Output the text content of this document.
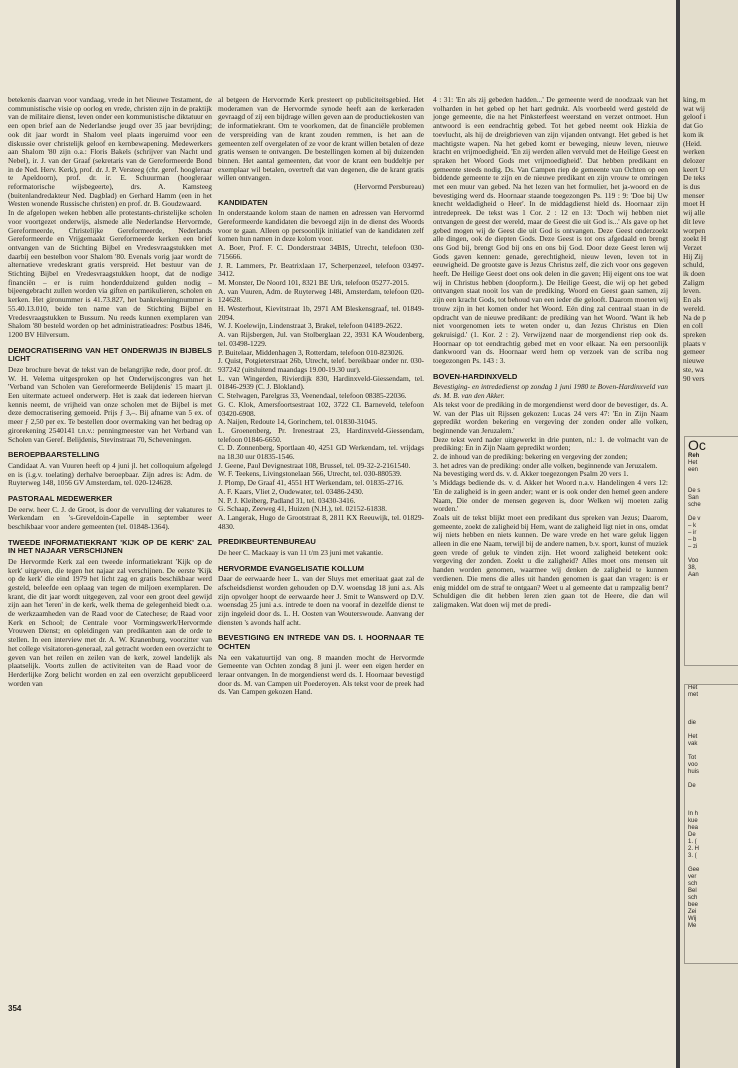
betekenis daarvan voor vandaag, vrede in het Nieuwe Testament, de communistische visie op oorlog en vrede, christen zijn in de praktijk van de militaire dienst, leven onder een kommunistische diktatuur en een open brief aan de Nederlandse jeugd over 35 jaar bevrijding; ook dit jaar wordt in Shalom veel plaats ingeruimd voor een diskussie over christelijk geloof en kernbewapening. Medewerkers aan Shalom '80 zijn o.a.: Floris Bakels (schrijver van Nacht und Nebel), ir. J. van der Graaf (sekretaris van de Gereformeerde Bond in de Ned. Herv. Kerk), prof. dr. J. P. Versteeg (chr. geref. hoogleraar te Apeldoorn), prof. dr. ir. E. Schuurman (hoogleraar reformatorische wijsbegeerte), drs. A. Kamsteeg (buitenlandredakteur Ned. Dagblad) en Gerhard Hamm (een in het Westen wonende Russische christen) en prof. dr. B. Goudzwaard.

In de afgelopen weken hebben alle protestants-christelijke scholen voor voortgezet onderwijs, alsmede alle Nederlandse Hervormde, Gereformeerde, Christelijke Gereformeerde, Nederlands Gereformeerde en Vrijgemaakt Gereformeerde kerken een brief ontvangen van de Stichting Bijbel en Vredesvraagstukken met daarbij een bestelbon voor Shalom '80. Evenals vorig jaar wordt de alternatieve vredeskrant gratis verspreid. Het bestuur van de Stichting Bijbel en Vredesvraagstukken hoopt, dat de nodige financiën – er is ruim honderdduizend gulden nodig – bijeengebracht zullen worden via giften en partikulieren, scholen en kerken. Het gironummer is 41.73.827, het bankrekeningnummer is 55.40.13.010, beide ten name van de Stichting Bijbel en Vredesvraagstukken te Bussum. Nu reeds kunnen exemplaren van Shalom '80 besteld worden op het administratieadres: Postbus 1846, 1200 BV Hilversum.

DEMOCRATISERING VAN HET ONDERWIJS IN BIJBELS LICHT

Deze brochure bevat de tekst van de belangrijke rede, door prof. dr. W. H. Velema uitgesproken op het Onderwijscongres van het 'Verband van Scholen van Gereformeerde Belijdenis' 15 maart jl. Een uitermate actueel onderwerp. Het is zaak dat iedereen hiervan kennis neemt, de vrijheid van onze scholen met de Bijbel is met deze democratisering gemoeid. Prijs ƒ 3,–. Bij afname van 5 ex. of meer ƒ 2,50 per ex. Te bestellen door overmaking van het bedrag op girorekening 2540141 t.n.v.: penningmeester van het Verband van Scholen van Geref. Belijdenis, Stevinstraat 70, Scheveningen.

BEROEPBAARSTELLING

Candidaat A. van Vuuren heeft op 4 juni jl. het colloquium afgelegd en is (i.g.v. toelating) derhalve beroepbaar. Zijn adres is: Adm. de Ruyterweg 148, 1056 GV Amsterdam, tel. 020-124628.

PASTORAAL MEDEWERKER

De eerw. heer C. J. de Groot, is door de vervulling der vakatures te Werkendam en 's-Greveldoin-Capelle in september weer beschikbaar voor andere gemeenten (tel. 01848-1364).

TWEEDE INFORMATIEKRANT 'KIJK OP DE KERK' ZAL IN HET NAJAAR VERSCHIJNEN

De Hervormde Kerk zal een tweede informatiekrant 'Kijk op de kerk' uitgeven, die tegen het najaar zal verschijnen. De eerste 'Kijk op de kerk' die eind 1979 het licht zag en gratis beschikbaar werd gesteld, beleefde een oplaag van tegen de miljoen exemplaren. De krant, die dit jaar wordt uitgegeven, zal voor een groot deel gewijd zijn aan het 'leren' in de kerk, welk thema de gelegenheid biedt o.a. de werkzaamheden van de Raad voor de Catechese; de Raad voor Kerk en School; de Centrale voor Vormingswerk/Hervormde Vrouwen Dienst; en opleidingen van predikanten aan de orde te stellen. In een interview met dr. A. W. Kranenburg, voorzitter van het college visitatoren-generaal, zal getracht worden een overzicht te geven van het reilen en zeilen van de kerk, zowel landelijk als plaatselijk. Voorts zullen de activiteiten van de Raad voor de Herderlijke Zorg belicht worden en zal een overzicht gepubliceerd worden van

al betgeen de Hervormde Kerk presteert op publiciteitsgebied. Het moderamen van de Hervormde synode heeft aan de kerkeraden gevraagd of zij een bijdrage willen geven aan de productiekosten van de informatiekrant. Om te voorkomen, dat de financiële problemen de verspreiding van de krant zouden remmen, is het aan de gemeenten zelf overgelaten of ze voor de krant willen betalen of deze gratis wensen te ontvangen. De bestellingen komen al bij duizenden binnen. Het aantal gemeenten, dat voor de krant een buddeltje per exemplaar wil betalen, overtreft dat van degenen, die de krant gratis willen ontvangen.

(Hervormd Persbureau)

KANDIDATEN

In onderstaande kolom staan de namen en adressen van Hervormd Gereformeerde kandidaten die bevoegd zijn in de dienst des Woords voor te gaan. Alleen op persoonlijk initiatief van de kandidaten zelf komen hun namen in deze kolom voor.

A. Boer, Prof. F. C. Donderstraat 34BIS, Utrecht, telefoon 030-715666.

J. R. Lammers, Pr. Beatrixlaan 17, Scherpenzeel, telefoon 03497-3412.

M. Monster, De Noord 101, 8321 BE Urk, telefoon 05277-2015.

A. van Vuuren, Adm. de Ruyterweg 148i, Amsterdam, telefoon 020-124628.

H. Westerhout, Kievitstraat 1b, 2971 AM Bleskensgraaf, tel. 01849-2094.

W. J. Koelewijn, Lindenstraat 3, Brakel, telefoon 04189-2622.

A. van Rijsbergen, Jul. van Stolberglaan 22, 3931 KA Woudenberg, tel. 03498-1229.

P. Buitelaar, Middenhagen 3, Rotterdam, telefoon 010-823026.

J. Quist, Potgieterstraat 26b, Utrecht, telef. bereikbaar onder nr. 030-937242 (uitsluitend maandags 19.00-19.30 uur).

L. van Wingerden, Rivierdijk 830, Hardinxveld-Giessendam, tel. 01846-2939 (C. J. Blokland).

C. Stelwagen, Parelgras 33, Veenendaal, telefoon 08385-22036.

G. C. Klok, Amersfoortsestraat 102, 3722 CL Barneveld, telefoon 03420-6908.

A. Naijen, Redoute 14, Gorinchem, tel. 01830-31045.

L. Groenenberg, Pr. Irenestraat 23, Hardinxveld-Giessendam, telefoon 01846-6650.

C. D. Zonnenberg, Sportlaan 40, 4251 GD Werkendam, tel. vrijdags na 18.30 uur 01835-1546.

J. Geene, Paul Devignestraat 108, Brussel, tel. 09-32-2-2161540.

W. F. Teekens, Livingstonelaan 566, Utrecht, tel. 030-880539.

J. Plomp, De Graaf 41, 4551 HT Werkendam, tel. 01835-2716.

A. F. Kaars, Vliet 2, Oudewater, tel. 03486-2430.

N. P. J. Kleiberg, Padland 31, tel. 03430-3416.

G. Schaap, Zeeweg 41, Huizen (N.H.), tel. 02152-61838.

A. Langerak, Hugo de Grootstraat 8, 2811 KX Reeuwijk, tel. 01829-4830.

PREDIKBEURTENBUREAU

De heer C. Mackaay is van 11 t/m 23 juni met vakantie.

HERVORMDE EVANGELISATIE KOLLUM

Daar de eerwaarde heer L. van der Sluys met emeritaat gaat zal de afscheidsdienst worden gehouden op D.V. woensdag 18 juni a.s. Als zijn opvolger hoopt de eerwaarde heer J. Smit te Wanswerd op D.V. woensdag 25 juni a.s. intrede te doen na vooraf in dezelfde dienst te zijn ingeleid door ds. L. H. Oosten van Wouterswoude. Aanvang der diensten 's avonds half acht.

BEVESTIGING EN INTREDE VAN DS. I. HOORNAAR TE OCHTEN

Na een vakatuurtijd van ong. 8 maanden mocht de Hervormde Gemeente van Ochten zondag 8 juni jl. weer een eigen herder en leraar ontvangen. In de morgendienst werd ds. I. Hoornaar bevestigd door ds. M. van Campen uit Poederoyen. Als tekst voor de preek had ds. Van Campen gekozen Hand.

4 : 31: 'En als zij gebeden hadden...' De gemeente werd de noodzaak van het volharden in het gebed op het hart gedrukt. Als voorbeeld werd gesteld de jonge gemeente, die na het Pinksterfeest weerstand en verzet ontmoet. Hun antwoord is een eendrachtig gebed. Tot het gebed neemt ook Hizkia de toevlucht, als hij de dreigbrieven van zijn vijanden ontvangt. Het gebed is het machtigste wapen. Na het gebed komt er beweging, nieuw leven, nieuwe kracht en vrijmoedigheid. 'En zij werden allen vervuld met de Heilige Geest en spraken het Woord Gods met vrijmoedigheid'. Dat hebben predikant en gemeente steeds nodig. Ds. Van Campen riep de gemeente van Ochten op een biddende gemeente te zijn en de nieuwe predikant en zijn vrouw te omringen met een muur van gebed. Na het lezen van het formulier, het ja-woord en de bevestiging werd ds. Hoornaar staande toegezongen Ps. 119 : 9: 'Doe bij Uw knecht weldadigheid o Heer'. In de middagdienst hield ds. Hoornaar zijn intredepreek. De tekst was 1 Cor. 2 : 12 en 13: 'Doch wij hebben niet ontvangen de geest der wereld, maar de Geest die uit God is...' Als gave op het gebed mogen wij de Geest die uit God is ontvangen. Deze Geest onderzoekt alle dingen, ook de diepten Gods. Deze Geest is tot ons afgedaald en brengt ons God bij, brengt God bij ons en ons bij God. Door deze Geest leren wij Gods gaven kennen: genade, gerechtigheid, nieuw leven, leven tot in eeuwigheid. De grootste gave is Jezus Christus zelf, die zich voor ons gegeven heeft. De Heilige Geest doet ons ook delen in die gaven; Hij eigent ons toe wat wij in Christus hebben (doopform.). De Heilige Geest, die wij op het gebed ontvangen staat nooit los van de prediking. Woord en Geest gaan samen, zij zijn een kracht Gods, tot behoud van een ieder die gelooft. Daarom moeten wij trouw zijn in het komen onder het Woord. Eén ding zal centraal staan in de opdracht van de nieuwe predikant: de prediking van het Woord. 'Want ik heb niet voorgenomen iets te weten onder u, dan Jezus Christus en Dien gekruisigd.' (1. Kor. 2 : 2). Verwijzend naar de morgendienst riep ook ds. Hoornaar op tot eendrachtig gebed met en voor elkaar. Na een persoonlijk dankwoord van ds. Hoornaar werd hem op verzoek van de scriba nog toegezongen Ps. 143 : 3.

BOVEN-HARDINXVELD

Bevestiging- en intrededienst op zondag 1 juni 1980 te Boven-Hardinxveld van ds. M. B. van den Akker.

Als tekst voor de prediking in de morgendienst werd door de bevestiger, ds. A. W. van der Plas uit Rijssen gekozen: Lucas 24 vers 47: 'En in Zijn Naam gepredikt worden bekering en vergeving der zonden onder alle volken, beginnende van Jeruzalem.'

Deze tekst werd nader uitgewerkt in drie punten, nl.: 1. de volmacht van de prediking: En in Zijn Naam gepredikt worden;

2. de inhoud van de prediking: bekering en vergeving der zonden;

3. het adres van de prediking: onder alle volken, beginnende van Jeruzalem.

Na bevestiging werd ds. v. d. Akker toegezongen Psalm 20 vers 1.

's Middags bediende ds. v. d. Akker het Woord n.a.v. Handelingen 4 vers 12: 'En de zaligheid is in geen ander; want er is ook onder den hemel geen andere Naam, Die onder de mensen gegeven is, door Welken wij moeten zalig worden.'

Zoals uit de tekst blijkt moet een predikant dus spreken van Jezus; Daarom, gemeente, zoekt de zaligheid bij Hem, want de zaligheid ligt niet in ons, omdat wij niets hebben en niets kunnen. De ware vrede en het ware geluk liggen alleen in die ene Naam, terwijl bij de andere namen, b.v. sport, kunst of muziek geen vrede of geluk te vinden zijn. Het woord zaligheid betekent ook: vergeving der zonden. Zoekt u die zaligheid? Alles moet ons mensen uit handen worden genomen, waarmee wij denken de zaligheid te kunnen verdienen. Die mens die alles uit handen genomen is gaat dan vragen: is er enig middel om de straf te ontgaan? Weet u al gemeente dat u rampzalig bent? Schuldigen die dit hebben leren zien gaan tot de Heere, die dan wil zaligmaken. Wat doen wij met de predi-

354
king, m
wat wij
geloof i
dat Go
kom ik
(Heid.
werken
delozer
keert U
De teks
is dus
menser
moet H
wij alle
dit leve
worpen
zoekt H
Verzet
Hij Zij
schuld,
ik doen
Zaligm
leven.
En als
wereld.
Na de p
en coll
spreken
plaats v
gemeer
nieuwe
ste, wa
90 vers
Oc
Reh
Het
een

De s
San
sche

De v
– k
– ir
– b
– zi

Voo
38,
Aan
Het
met

die

Het
vak

Tot
voo
huis

De

In h
kue
hea
De
1. (
2. H
3. (

Gee
ver
sch
Bel
sch
bee
Zei
Wij
Me
